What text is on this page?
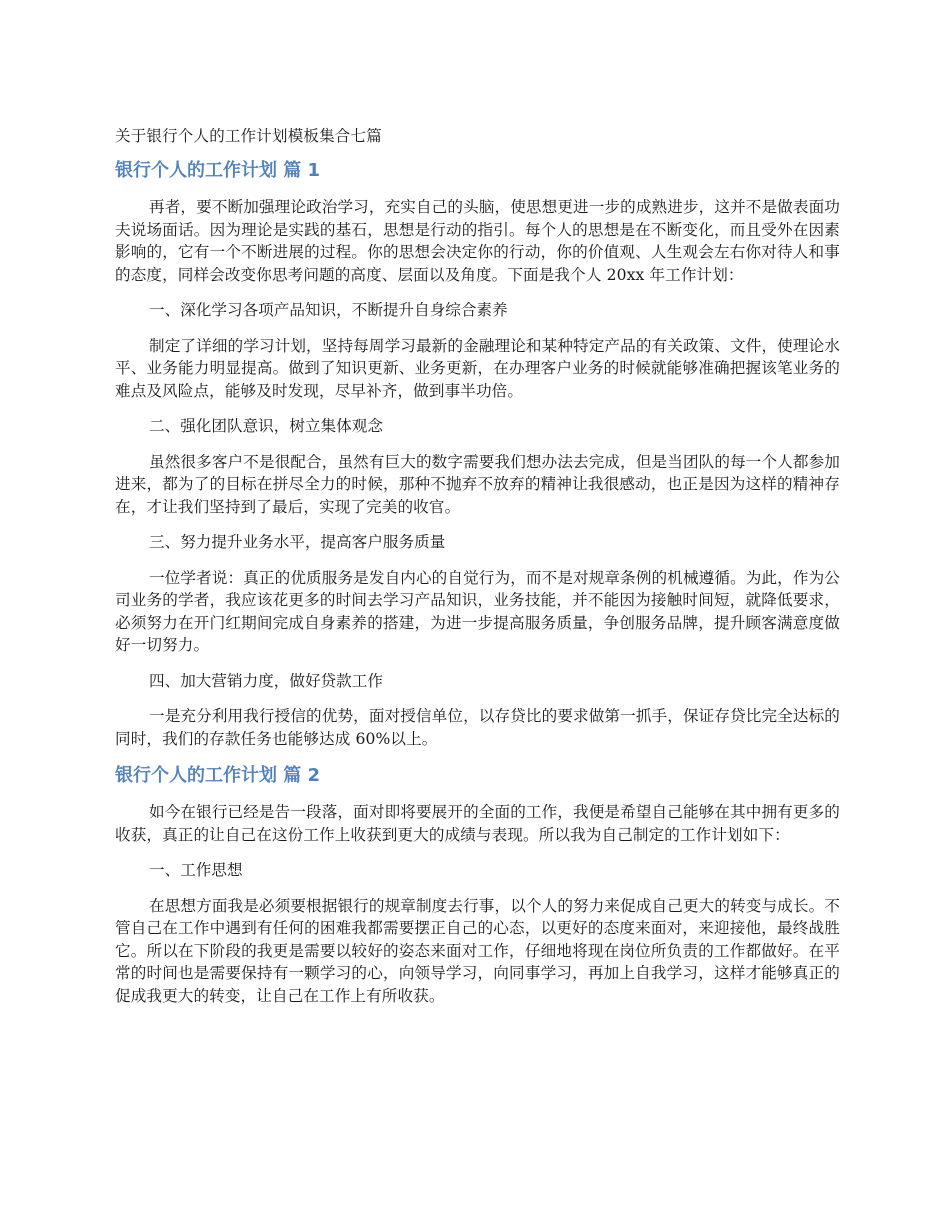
关于银行个人的工作计划模板集合七篇
银行个人的工作计划 篇 1

再者，要不断加强理论政治学习，充实自己的头脑，使思想更进一步的成熟进步，这并不是做表面功夫说场面话。因为理论是实践的基石，思想是行动的指引。每个人的思想是在不断变化，而且受外在因素影响的，它有一个不断进展的过程。你的思想会决定你的行动，你的价值观、人生观会左右你对待人和事的态度，同样会改变你思考问题的高度、层面以及角度。下面是我个人 20xx 年工作计划：

一、深化学习各项产品知识，不断提升自身综合素养

制定了详细的学习计划，坚持每周学习最新的金融理论和某种特定产品的有关政策、文件，使理论水平、业务能力明显提高。做到了知识更新、业务更新，在办理客户业务的时候就能够准确把握该笔业务的难点及风险点，能够及时发现，尽早补齐，做到事半功倍。

二、强化团队意识，树立集体观念

虽然很多客户不是很配合，虽然有巨大的数字需要我们想办法去完成，但是当团队的每一个人都参加进来，都为了的目标在拼尽全力的时候，那种不抛弃不放弃的精神让我很感动，也正是因为这样的精神存在，才让我们坚持到了最后，实现了完美的收官。

三、努力提升业务水平，提高客户服务质量

一位学者说：真正的优质服务是发自内心的自觉行为，而不是对规章条例的机械遵循。为此，作为公司业务的学者，我应该花更多的时间去学习产品知识，业务技能，并不能因为接触时间短，就降低要求，必须努力在开门红期间完成自身素养的搭建，为进一步提高服务质量，争创服务品牌，提升顾客满意度做好一切努力。

四、加大营销力度，做好贷款工作

一是充分利用我行授信的优势，面对授信单位，以存贷比的要求做第一抓手，保证存贷比完全达标的同时，我们的存款任务也能够达成 60%以上。

银行个人的工作计划 篇 2

如今在银行已经是告一段落，面对即将要展开的全面的工作，我便是希望自己能够在其中拥有更多的收获，真正的让自己在这份工作上收获到更大的成绩与表现。所以我为自己制定的工作计划如下：

一、工作思想

在思想方面我是必须要根据银行的规章制度去行事，以个人的努力来促成自己更大的转变与成长。不管自己在工作中遇到有任何的困难我都需要摆正自己的心态，以更好的态度来面对，来迎接他，最终战胜它。所以在下阶段的我更是需要以较好的姿态来面对工作，仔细地将现在岗位所负责的工作都做好。在平常的时间也是需要保持有一颗学习的心，向领导学习，向同事学习，再加上自我学习，这样才能够真正的促成我更大的转变，让自己在工作上有所收获。
